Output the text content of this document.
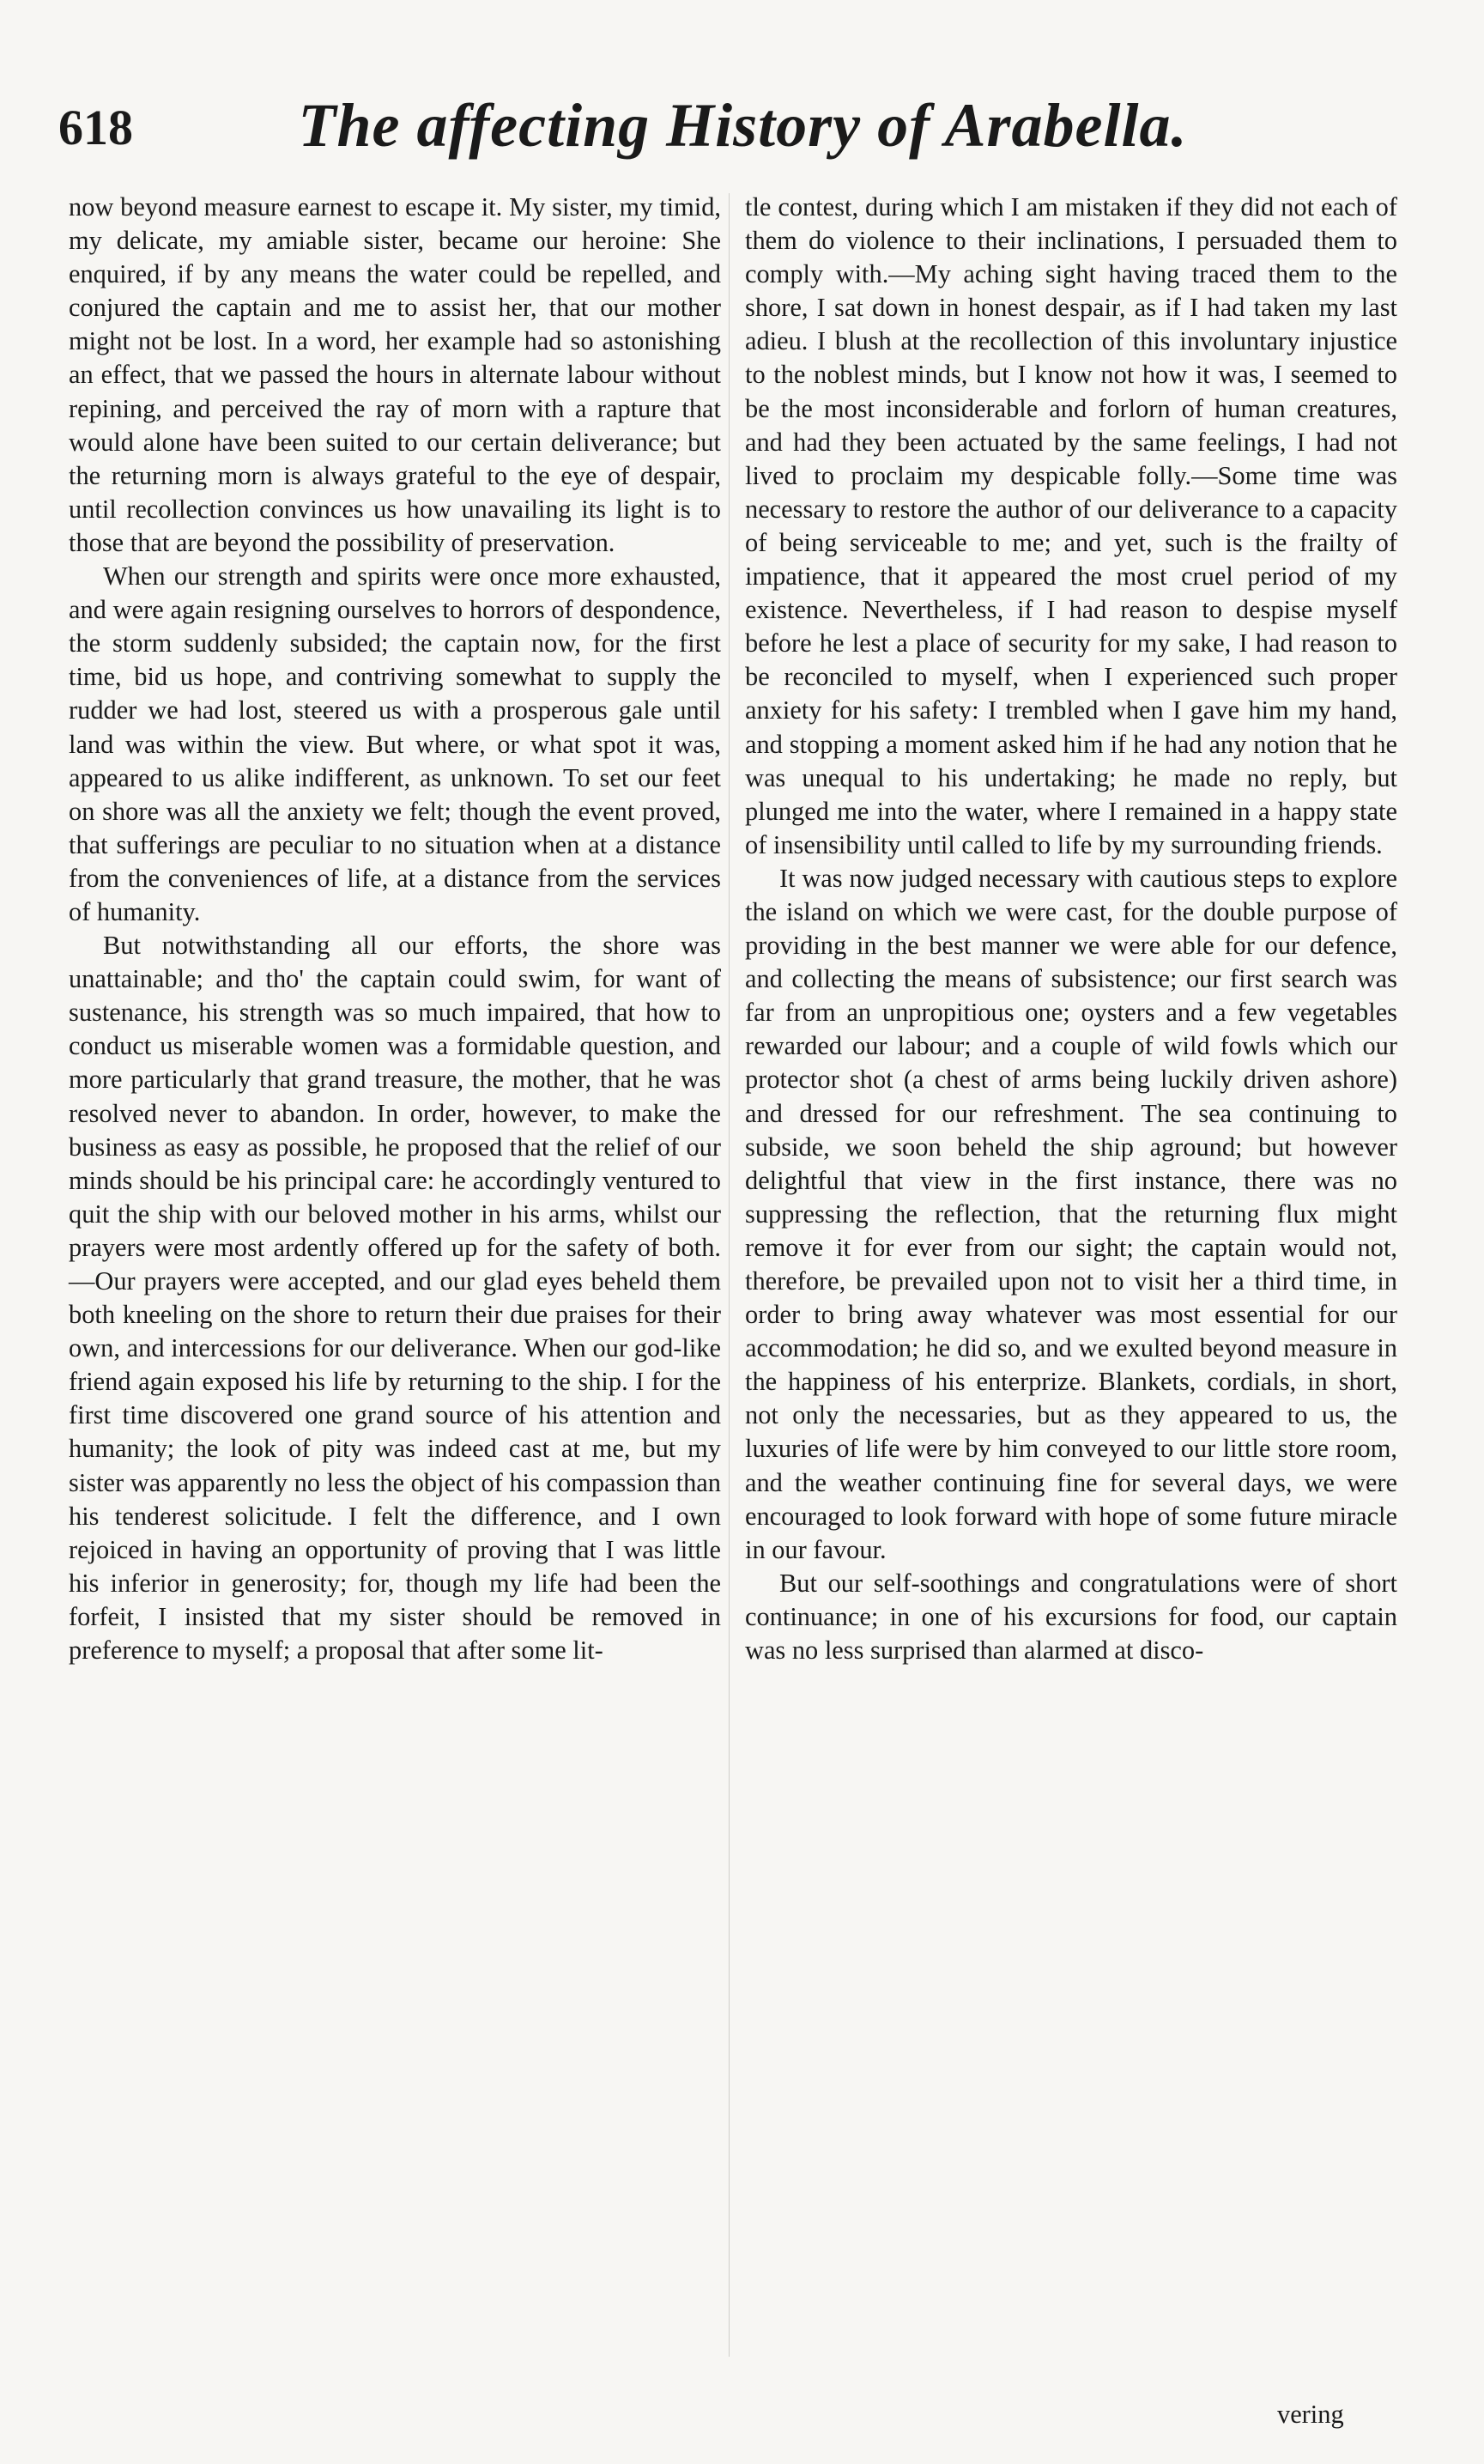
618	The affecting History of Arabella.

now beyond measure earnest to escape it. My sister, my timid, my delicate, my amiable sister, became our heroine: She enquired, if by any means the water could be repelled, and conjured the captain and me to assist her, that our mother might not be lost. In a word, her example had so astonishing an effect, that we passed the hours in alternate labour without repining, and perceived the ray of morn with a rapture that would alone have been suited to our certain deliverance; but the returning morn is always grateful to the eye of despair, until recollection convinces us how unavailing its light is to those that are beyond the possibility of preservation.

When our strength and spirits were once more exhausted, and were again resigning ourselves to horrors of despondence, the storm suddenly subsided; the captain now, for the first time, bid us hope, and contriving somewhat to supply the rudder we had lost, steered us with a prosperous gale until land was within the view. But where, or what spot it was, appeared to us alike indifferent, as unknown. To set our feet on shore was all the anxiety we felt; though the event proved, that sufferings are peculiar to no situation when at a distance from the conveniences of life, at a distance from the services of humanity.

But notwithstanding all our efforts, the shore was unattainable; and tho' the captain could swim, for want of sustenance, his strength was so much impaired, that how to conduct us miserable women was a formidable question, and more particularly that grand treasure, the mother, that he was resolved never to abandon. In order, however, to make the business as easy as possible, he proposed that the relief of our minds should be his principal care: he accordingly ventured to quit the ship with our beloved mother in his arms, whilst our prayers were most ardently offered up for the safety of both.—Our prayers were accepted, and our glad eyes beheld them both kneeling on the shore to return their due praises for their own, and intercessions for our deliverance. When our god-like friend again exposed his life by returning to the ship. I for the first time discovered one grand source of his attention and humanity; the look of pity was indeed cast at me, but my sister was apparently no less the object of his compassion than his tenderest solicitude. I felt the difference, and I own rejoiced in having an opportunity of proving that I was little his inferior in generosity; for, though my life had been the forfeit, I insisted that my sister should be removed in preference to myself; a proposal that after some lit-

tle contest, during which I am mistaken if they did not each of them do violence to their inclinations, I persuaded them to comply with.—My aching sight having traced them to the shore, I sat down in honest despair, as if I had taken my last adieu. I blush at the recollection of this involuntary injustice to the noblest minds, but I know not how it was, I seemed to be the most inconsiderable and forlorn of human creatures, and had they been actuated by the same feelings, I had not lived to proclaim my despicable folly.—Some time was necessary to restore the author of our deliverance to a capacity of being serviceable to me; and yet, such is the frailty of impatience, that it appeared the most cruel period of my existence. Nevertheless, if I had reason to despise myself before he lest a place of security for my sake, I had reason to be reconciled to myself, when I experienced such proper anxiety for his safety: I trembled when I gave him my hand, and stopping a moment asked him if he had any notion that he was unequal to his undertaking; he made no reply, but plunged me into the water, where I remained in a happy state of insensibility until called to life by my surrounding friends.

It was now judged necessary with cautious steps to explore the island on which we were cast, for the double purpose of providing in the best manner we were able for our defence, and collecting the means of subsistence; our first search was far from an unpropitious one; oysters and a few vegetables rewarded our labour; and a couple of wild fowls which our protector shot (a chest of arms being luckily driven ashore) and dressed for our refreshment. The sea continuing to subside, we soon beheld the ship aground; but however delightful that view in the first instance, there was no suppressing the reflection, that the returning flux might remove it for ever from our sight; the captain would not, therefore, be prevailed upon not to visit her a third time, in order to bring away whatever was most essential for our accommodation; he did so, and we exulted beyond measure in the happiness of his enterprize. Blankets, cordials, in short, not only the necessaries, but as they appeared to us, the luxuries of life were by him conveyed to our little store room, and the weather continuing fine for several days, we were encouraged to look forward with hope of some future miracle in our favour.

But our self-soothings and congratulations were of short continuance; in one of his excursions for food, our captain was no less surprised than alarmed at disco-

vering
